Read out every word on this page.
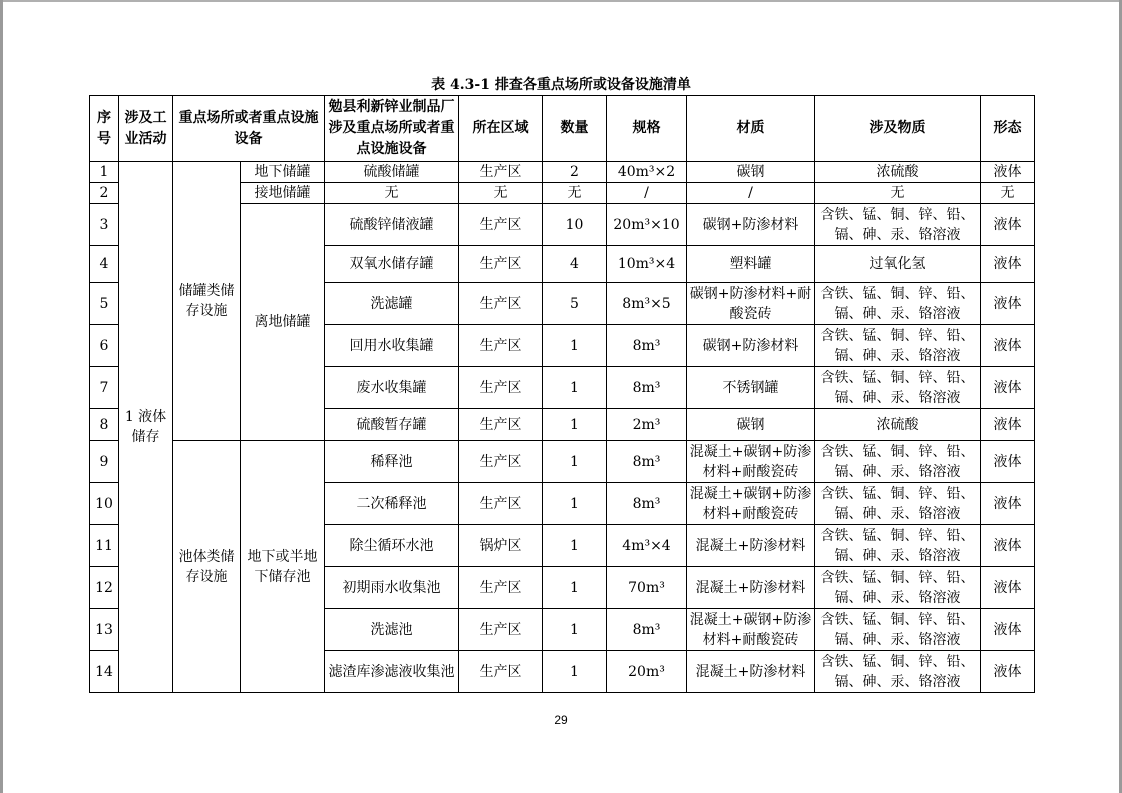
表 4.3-1 排查各重点场所或设备设施清单
序号	涉及工业活动	重点场所或者重点设施设备		勉县利新锌业制品厂涉及重点场所或者重点设施设备	所在区域	数量	规格	材质	涉及物质	形态
1	1 液体储存	储罐类储存设施	地下储罐	硫酸储罐	生产区	2	40m³×2	碳钢	浓硫酸	液体
2			接地储罐	无	无	无	/	/	无	无
3			离地储罐	硫酸锌储液罐	生产区	10	20m³×10	碳钢+防渗材料	含铁、锰、铜、锌、铅、镉、砷、汞、铬溶液	液体
4				双氧水储存罐	生产区	4	10m³×4	塑料罐	过氧化氢	液体
5				洗滤罐	生产区	5	8m³×5	碳钢+防渗材料+耐酸瓷砖	含铁、锰、铜、锌、铅、镉、砷、汞、铬溶液	液体
6				回用水收集罐	生产区	1	8m³	碳钢+防渗材料	含铁、锰、铜、锌、铅、镉、砷、汞、铬溶液	液体
7				废水收集罐	生产区	1	8m³	不锈钢罐	含铁、锰、铜、锌、铅、镉、砷、汞、铬溶液	液体
8				硫酸暂存罐	生产区	1	2m³	碳钢	浓硫酸	液体
9		池体类储存设施	地下或半地下储存池	稀释池	生产区	1	8m³	混凝土+碳钢+防渗材料+耐酸瓷砖	含铁、锰、铜、锌、铅、镉、砷、汞、铬溶液	液体
10				二次稀释池	生产区	1	8m³	混凝土+碳钢+防渗材料+耐酸瓷砖	含铁、锰、铜、锌、铅、镉、砷、汞、铬溶液	液体
11				除尘循环水池	锅炉区	1	4m³×4	混凝土+防渗材料	含铁、锰、铜、锌、铅、镉、砷、汞、铬溶液	液体
12				初期雨水收集池	生产区	1	70m³	混凝土+防渗材料	含铁、锰、铜、锌、铅、镉、砷、汞、铬溶液	液体
13				洗滤池	生产区	1	8m³	混凝土+碳钢+防渗材料+耐酸瓷砖	含铁、锰、铜、锌、铅、镉、砷、汞、铬溶液	液体
14				滤渣库渗滤液收集池	生产区	1	20m³	混凝土+防渗材料	含铁、锰、铜、锌、铅、镉、砷、汞、铬溶液	液体
29
